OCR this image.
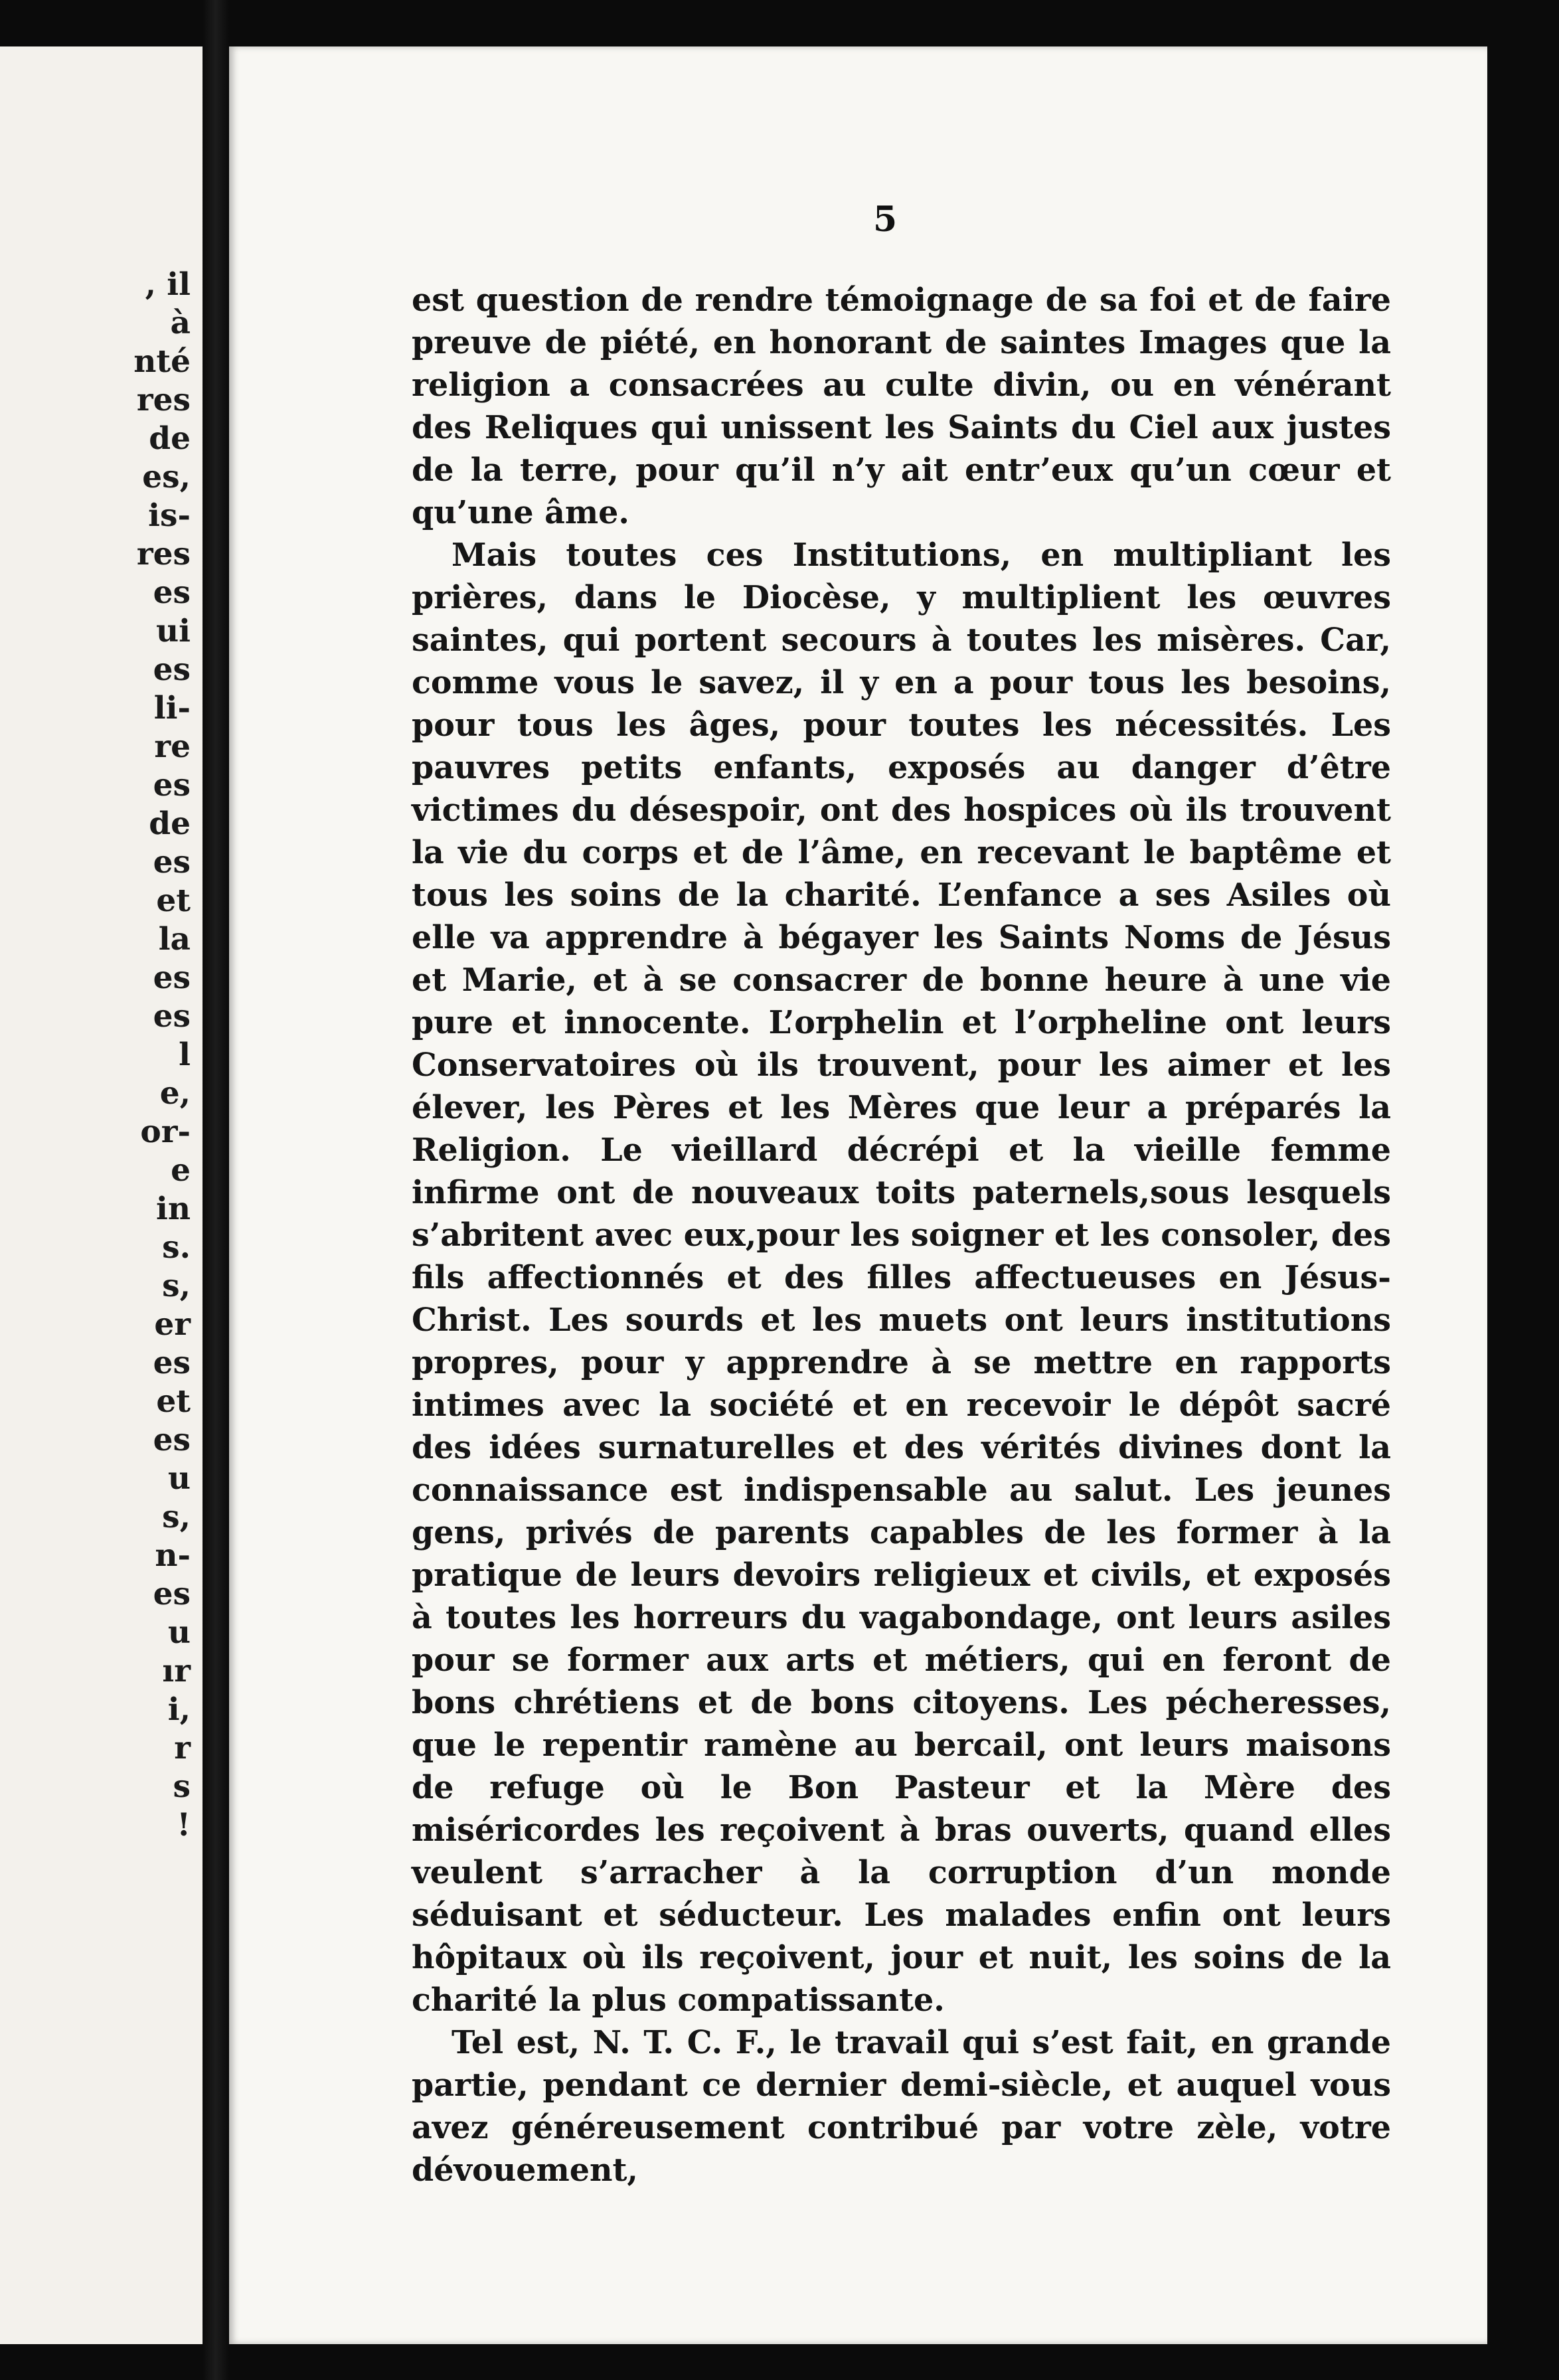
, il
à
nté
res
de
es,
is-
res
es
ui
es
li-
re
es
de
es
et
la
es
es
l
e,
or-
e
in
s.
s,
er
es
et
es
u
s,
n-
es
u
ır
i,
r
s
!
5

est question de rendre témoignage de sa foi et de faire preuve de piété, en honorant de saintes Images que la religion a consacrées au culte divin, ou en vénérant des Reliques qui unissent les Saints du Ciel aux justes de la terre, pour qu’il n’y ait entr’eux qu’un cœur et qu’une âme.

Mais toutes ces Institutions, en multipliant les prières, dans le Diocèse, y multiplient les œuvres saintes, qui portent secours à toutes les misères. Car, comme vous le savez, il y en a pour tous les besoins, pour tous les âges, pour toutes les nécessités. Les pauvres petits enfants, exposés au danger d’être victimes du désespoir, ont des hospices où ils trouvent la vie du corps et de l’âme, en recevant le baptême et tous les soins de la charité. L’enfance a ses Asiles où elle va apprendre à bégayer les Saints Noms de Jésus et Marie, et à se consacrer de bonne heure à une vie pure et innocente. L’orphelin et l’orpheline ont leurs Conservatoires où ils trouvent, pour les aimer et les élever, les Pères et les Mères que leur a préparés la Religion. Le vieillard décrépi et la vieille femme infirme ont de nouveaux toits paternels,sous lesquels s’abritent avec eux,pour les soigner et les consoler, des fils affectionnés et des filles affectueuses en Jésus-Christ. Les sourds et les muets ont leurs institutions propres, pour y apprendre à se mettre en rapports intimes avec la société et en recevoir le dépôt sacré des idées surnaturelles et des vérités divines dont la connaissance est indispensable au salut. Les jeunes gens, privés de parents capables de les former à la pratique de leurs devoirs religieux et civils, et exposés à toutes les horreurs du vagabondage, ont leurs asiles pour se former aux arts et métiers, qui en feront de bons chrétiens et de bons citoyens. Les pécheresses, que le repentir ramène au bercail, ont leurs maisons de refuge où le Bon Pasteur et la Mère des miséricordes les reçoivent à bras ouverts, quand elles veulent s’arracher à la corruption d’un monde séduisant et séducteur. Les malades enfin ont leurs hôpitaux où ils reçoivent, jour et nuit, les soins de la charité la plus compatissante.

Tel est, N. T. C. F., le travail qui s’est fait, en grande partie, pendant ce dernier demi-siècle, et auquel vous avez généreusement contribué par votre zèle, votre dévouement,
